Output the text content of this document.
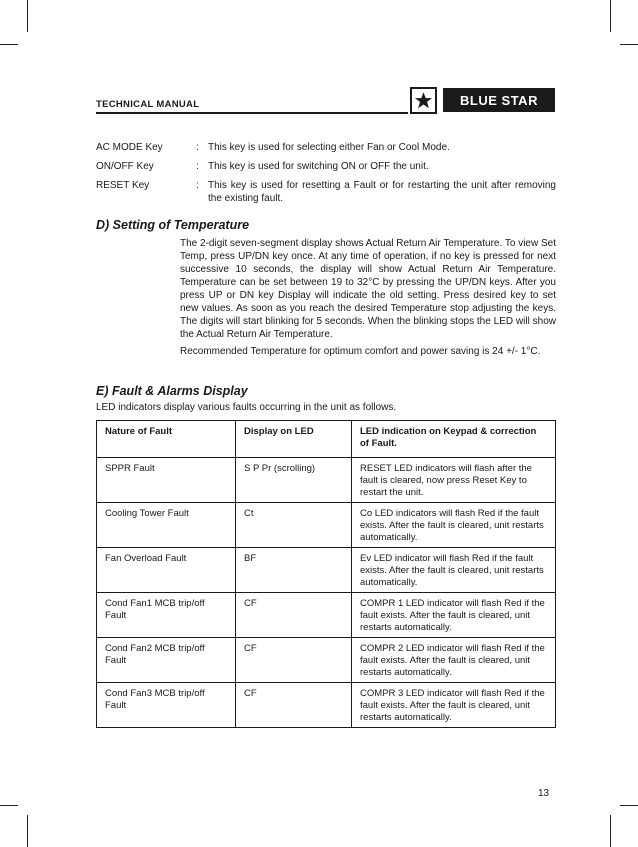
TECHNICAL MANUAL	BLUE STAR
AC MODE Key	: This key is used for selecting either Fan or Cool Mode.
ON/OFF Key	: This key is used for switching ON or OFF the unit.
RESET Key	: This key is used for resetting a Fault or for restarting the unit after removing the existing fault.
D) Setting of Temperature
The 2-digit seven-segment display shows Actual Return Air Temperature. To view Set Temp, press UP/DN key once. At any time of operation, if no key is pressed for next successive 10 seconds, the display will show Actual Return Air Temperature. Temperature can be set between 19 to 32°C by pressing the UP/DN keys. After you press UP or DN key Display will indicate the old setting. Press desired key to set new values. As soon as you reach the desired Temperature stop adjusting the keys. The digits will start blinking for 5 seconds. When the blinking stops the LED will show the Actual Return Air Temperature.
Recommended Temperature for optimum comfort and power saving is 24 +/- 1°C.
E) Fault & Alarms Display
LED indicators display various faults occurring in the unit as follows.
Nature of Fault	Display on LED	LED indication on Keypad & correction of Fault.
SPPR Fault	S P Pr (scrolling)	RESET LED indicators will flash after the fault is cleared, now press Reset Key to restart the unit.
Cooling Tower Fault	Ct	Co LED indicators will flash Red if the fault exists. After the fault is cleared, unit restarts automatically.
Fan Overload Fault	BF	Ev LED indicator will flash Red if the fault exists. After the fault is cleared, unit restarts automatically.
Cond Fan1 MCB trip/off Fault	CF	COMPR 1 LED indicator will flash Red if the fault exists. After the fault is cleared, unit restarts automatically.
Cond Fan2 MCB trip/off Fault	CF	COMPR 2 LED indicator will flash Red if the fault exists. After the fault is cleared, unit restarts automatically.
Cond Fan3 MCB trip/off Fault	CF	COMPR 3 LED indicator will flash Red if the fault exists. After the fault is cleared, unit restarts automatically.
13
